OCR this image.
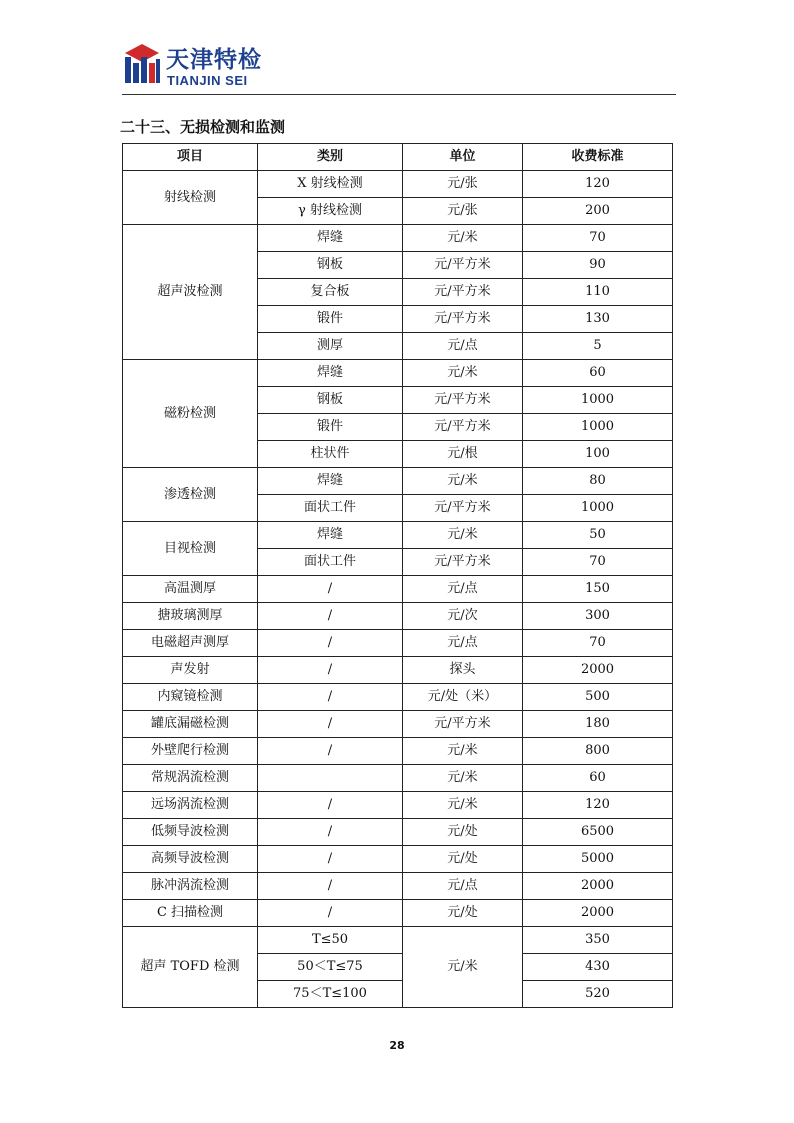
天津特检
TIANJIN SEI
二十三、无损检测和监测
项目	类别	单位	收费标准
射线检测	X 射线检测	元/张	120
	γ 射线检测	元/张	200
超声波检测	焊缝	元/米	70
	钢板	元/平方米	90
	复合板	元/平方米	110
	锻件	元/平方米	130
	测厚	元/点	5
磁粉检测	焊缝	元/米	60
	钢板	元/平方米	1000
	锻件	元/平方米	1000
	柱状件	元/根	100
渗透检测	焊缝	元/米	80
	面状工件	元/平方米	1000
目视检测	焊缝	元/米	50
	面状工件	元/平方米	70
高温测厚	/	元/点	150
搪玻璃测厚	/	元/次	300
电磁超声测厚	/	元/点	70
声发射	/	探头	2000
内窥镜检测	/	元/处（米）	500
罐底漏磁检测	/	元/平方米	180
外壁爬行检测	/	元/米	800
常规涡流检测		元/米	60
远场涡流检测	/	元/米	120
低频导波检测	/	元/处	6500
高频导波检测	/	元/处	5000
脉冲涡流检测	/	元/点	2000
C 扫描检测	/	元/处	2000
超声 TOFD 检测	T≤50	元/米	350
	50＜T≤75		430
	75＜T≤100		520
28
